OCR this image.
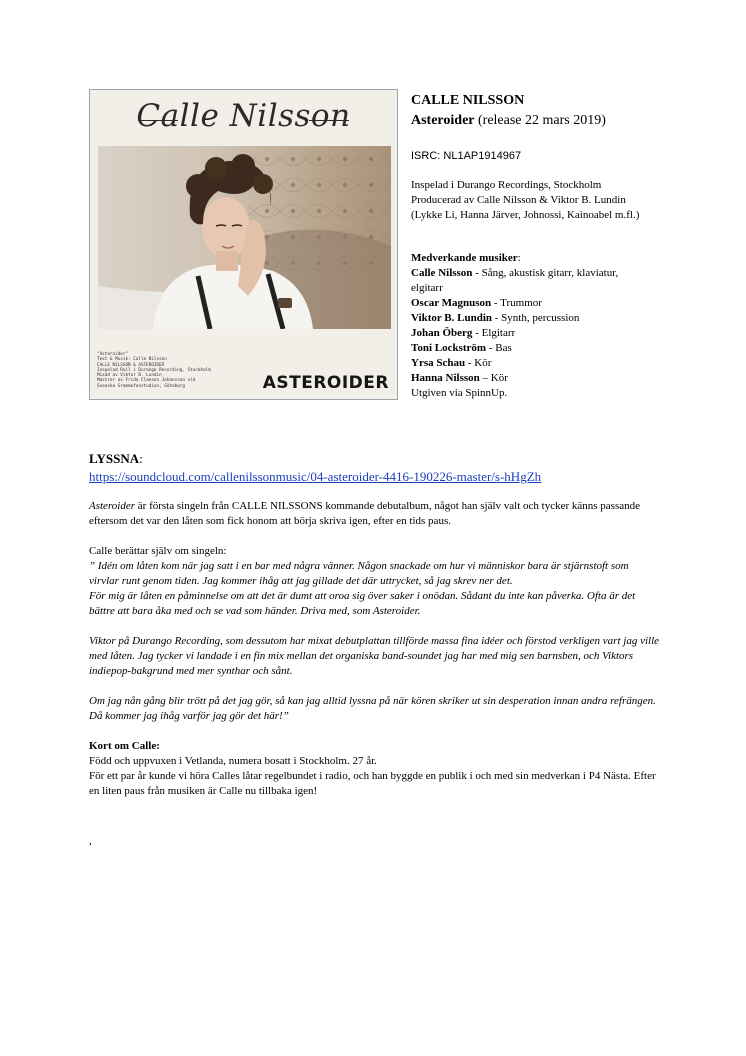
Calle Nilsson
"Asteroider"
Text & Musik: Calle Nilsson
CALLE NILSSON & ASTEROIDER
Inspelad Ruil i Durango Recording, Stockholm
Mixad av Viktor B. Lundin
Mastrer av Frida Claeson Johansson vid
Svenska Grammofonstudion, Göteborg	ASTEROIDER
CALLE NILSSON
Asteroider (release 22 mars 2019)
ISRC: NL1AP1914967
Inspelad i Durango Recordings, Stockholm
Producerad av Calle Nilsson & Viktor B. Lundin
(Lykke Li, Hanna Järver, Johnossi, Kainoabel m.fl.)
Medverkande musiker:
Calle Nilsson - Sång, akustisk gitarr, klaviatur, elgitarr
Oscar Magnuson - Trummor
Viktor B. Lundin - Synth, percussion
Johan Öberg - Elgitarr
Toni Lockström - Bas
Yrsa Schau - Kör
Hanna Nilsson – Kör
Utgiven via SpinnUp.
LYSSNA:
https://soundcloud.com/callenilssonmusic/04-asteroider-4416-190226-master/s-hHgZh
Asteroider är första singeln från CALLE NILSSONS kommande debutalbum, något han själv valt och tycker känns passande eftersom det var den låten som fick honom att börja skriva igen, efter en tids paus.
Calle berättar själv om singeln:
” Idén om låten kom när jag satt i en bar med några vänner. Någon snackade om hur vi människor bara är stjärnstoft som virvlar runt genom tiden. Jag kommer ihåg att jag gillade det där uttrycket, så jag skrev ner det.
För mig är låten en påminnelse om att det är dumt att oroa sig över saker i onödan. Sådant du inte kan påverka. Ofta är det bättre att bara åka med och se vad som händer. Driva med, som Asteroider.
Viktor på Durango Recording, som dessutom har mixat debutplattan tillförde massa fina idéer och förstod verkligen vart jag ville med låten. Jag tycker vi landade i en fin mix mellan det organiska band-soundet jag har med mig sen barnsben, och Viktors indiepop-bakgrund med mer synthar och sånt.
Om jag nån gång blir trött på det jag gör, så kan jag alltid lyssna på när kören skriker ut sin desperation innan andra refrängen. Då kommer jag ihåg varför jag gör det här!”
Kort om Calle:
Född och uppvuxen i Vetlanda, numera bosatt i Stockholm. 27 år.
För ett par år kunde vi höra Calles låtar regelbundet i radio, och han byggde en publik i och med sin medverkan i P4 Nästa. Efter en liten paus från musiken är Calle nu tillbaka igen!
,
